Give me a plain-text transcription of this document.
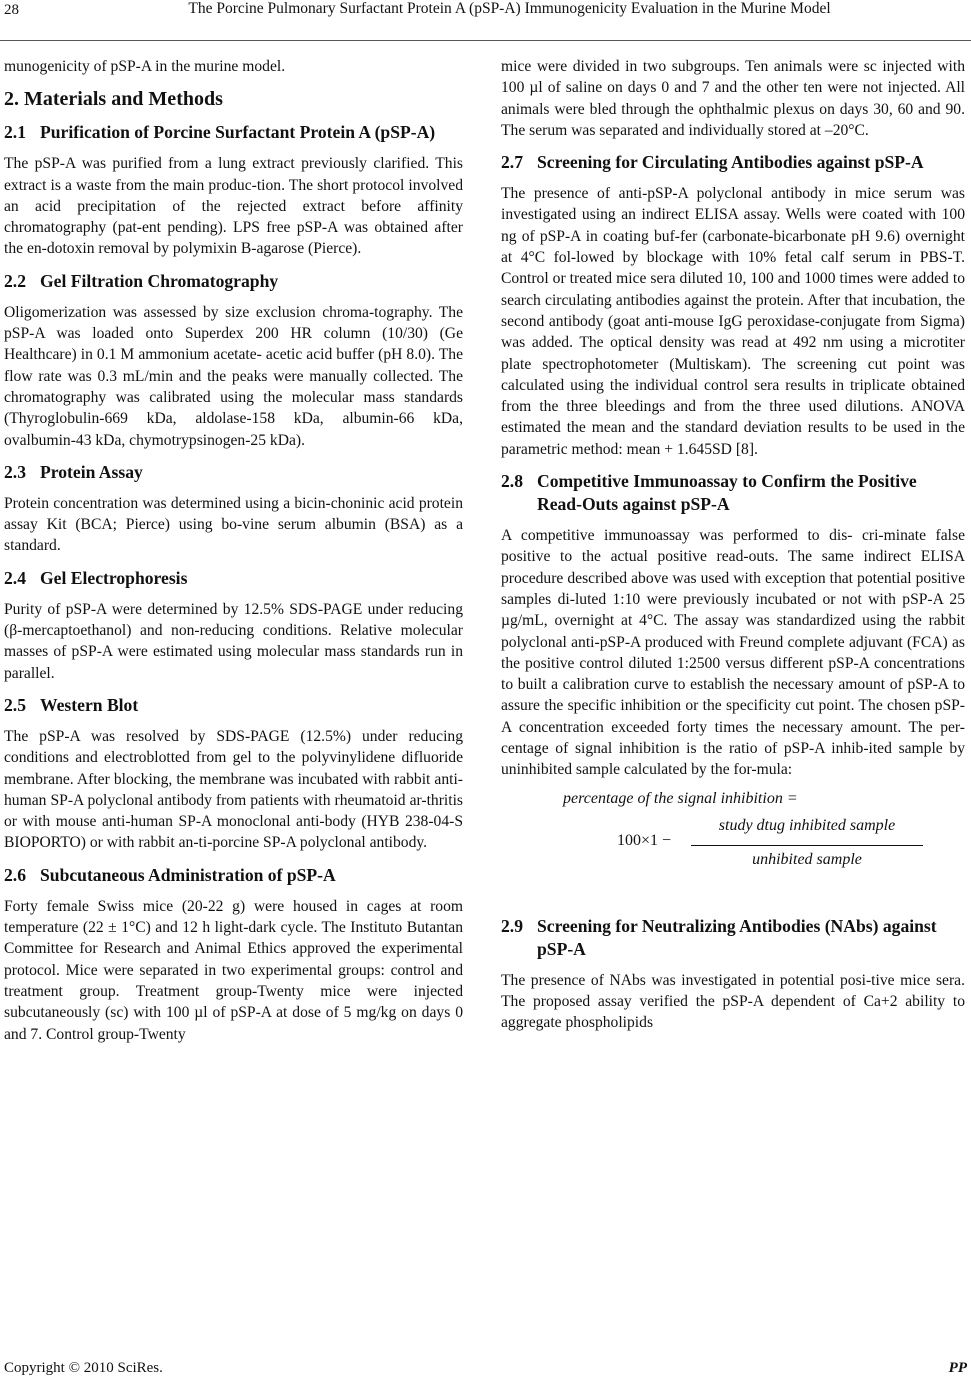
28	The Porcine Pulmonary Surfactant Protein A (pSP-A) Immunogenicity Evaluation in the Murine Model

munogenicity of pSP-A in the murine model.

2. Materials and Methods
2.1 Purification of Porcine Surfactant Protein A (pSP-A)

The pSP-A was purified from a lung extract previously clarified. This extract is a waste from the main produc-tion. The short protocol involved an acid precipitation of the rejected extract before affinity chromatography (pat-ent pending). LPS free pSP-A was obtained after the en-dotoxin removal by polymixin B-agarose (Pierce).

2.2 Gel Filtration Chromatography

Oligomerization was assessed by size exclusion chroma-tography. The pSP-A was loaded onto Superdex 200 HR column (10/30) (Ge Healthcare) in 0.1 M ammonium acetate- acetic acid buffer (pH 8.0). The flow rate was 0.3 mL/min and the peaks were manually collected. The chromatography was calibrated using the molecular mass standards (Thyroglobulin-669 kDa, aldolase-158 kDa, albumin-66 kDa, ovalbumin-43 kDa, chymotrypsinogen-25 kDa).

2.3 Protein Assay

Protein concentration was determined using a bicin-choninic acid protein assay Kit (BCA; Pierce) using bo-vine serum albumin (BSA) as a standard.

2.4 Gel Electrophoresis

Purity of pSP-A were determined by 12.5% SDS-PAGE under reducing (β-mercaptoethanol) and non-reducing conditions. Relative molecular masses of pSP-A were estimated using molecular mass standards run in parallel.

2.5 Western Blot

The pSP-A was resolved by SDS-PAGE (12.5%) under reducing conditions and electroblotted from gel to the polyvinylidene difluoride membrane. After blocking, the membrane was incubated with rabbit anti-human SP-A polyclonal antibody from patients with rheumatoid ar-thritis or with mouse anti-human SP-A monoclonal anti-body (HYB 238-04-S BIOPORTO) or with rabbit an-ti-porcine SP-A polyclonal antibody.

2.6 Subcutaneous Administration of pSP-A

Forty female Swiss mice (20-22 g) were housed in cages at room temperature (22 ± 1°C) and 12 h light-dark cycle. The Instituto Butantan Committee for Research and Animal Ethics approved the experimental protocol. Mice were separated in two experimental groups: control and treatment group. Treatment group-Twenty mice were injected subcutaneously (sc) with 100 µl of pSP-A at dose of 5 mg/kg on days 0 and 7. Control group-Twenty

mice were divided in two subgroups. Ten animals were sc injected with 100 µl of saline on days 0 and 7 and the other ten were not injected. All animals were bled through the ophthalmic plexus on days 30, 60 and 90. The serum was separated and individually stored at –20°C.

2.7 Screening for Circulating Antibodies against pSP-A

The presence of anti-pSP-A polyclonal antibody in mice serum was investigated using an indirect ELISA assay. Wells were coated with 100 ng of pSP-A in coating buf-fer (carbonate-bicarbonate pH 9.6) overnight at 4°C fol-lowed by blockage with 10% fetal calf serum in PBS-T. Control or treated mice sera diluted 10, 100 and 1000 times were added to search circulating antibodies against the protein. After that incubation, the second antibody (goat anti-mouse IgG peroxidase-conjugate from Sigma) was added. The optical density was read at 492 nm using a microtiter plate spectrophotometer (Multiskam). The screening cut point was calculated using the individual control sera results in triplicate obtained from the three bleedings and from the three used dilutions. ANOVA estimated the mean and the standard deviation results to be used in the parametric method: mean + 1.645SD [8].

2.8 Competitive Immunoassay to Confirm the Positive Read-Outs against pSP-A

A competitive immunoassay was performed to dis- cri-minate false positive to the actual positive read-outs. The same indirect ELISA procedure described above was used with exception that potential positive samples di-luted 1:10 were previously incubated or not with pSP-A 25 µg/mL, overnight at 4°C. The assay was standardized using the rabbit polyclonal anti-pSP-A produced with Freund complete adjuvant (FCA) as the positive control diluted 1:2500 versus different pSP-A concentrations to built a calibration curve to establish the necessary amount of pSP-A to assure the specific inhibition or the specificity cut point. The chosen pSP-A concentration exceeded forty times the necessary amount. The per-centage of signal inhibition is the ratio of pSP-A inhib-ited sample by uninhibited sample calculated by the for-mula:

percentage of the signal inhibition =
100×1 −
study dtug inhibited sample
unhibited sample
2.9 Screening for Neutralizing Antibodies (NAbs) against pSP-A

The presence of NAbs was investigated in potential posi-tive mice sera. The proposed assay verified the pSP-A dependent of Ca+2 ability to aggregate phospholipids

Copyright © 2010 SciRes.	PP
